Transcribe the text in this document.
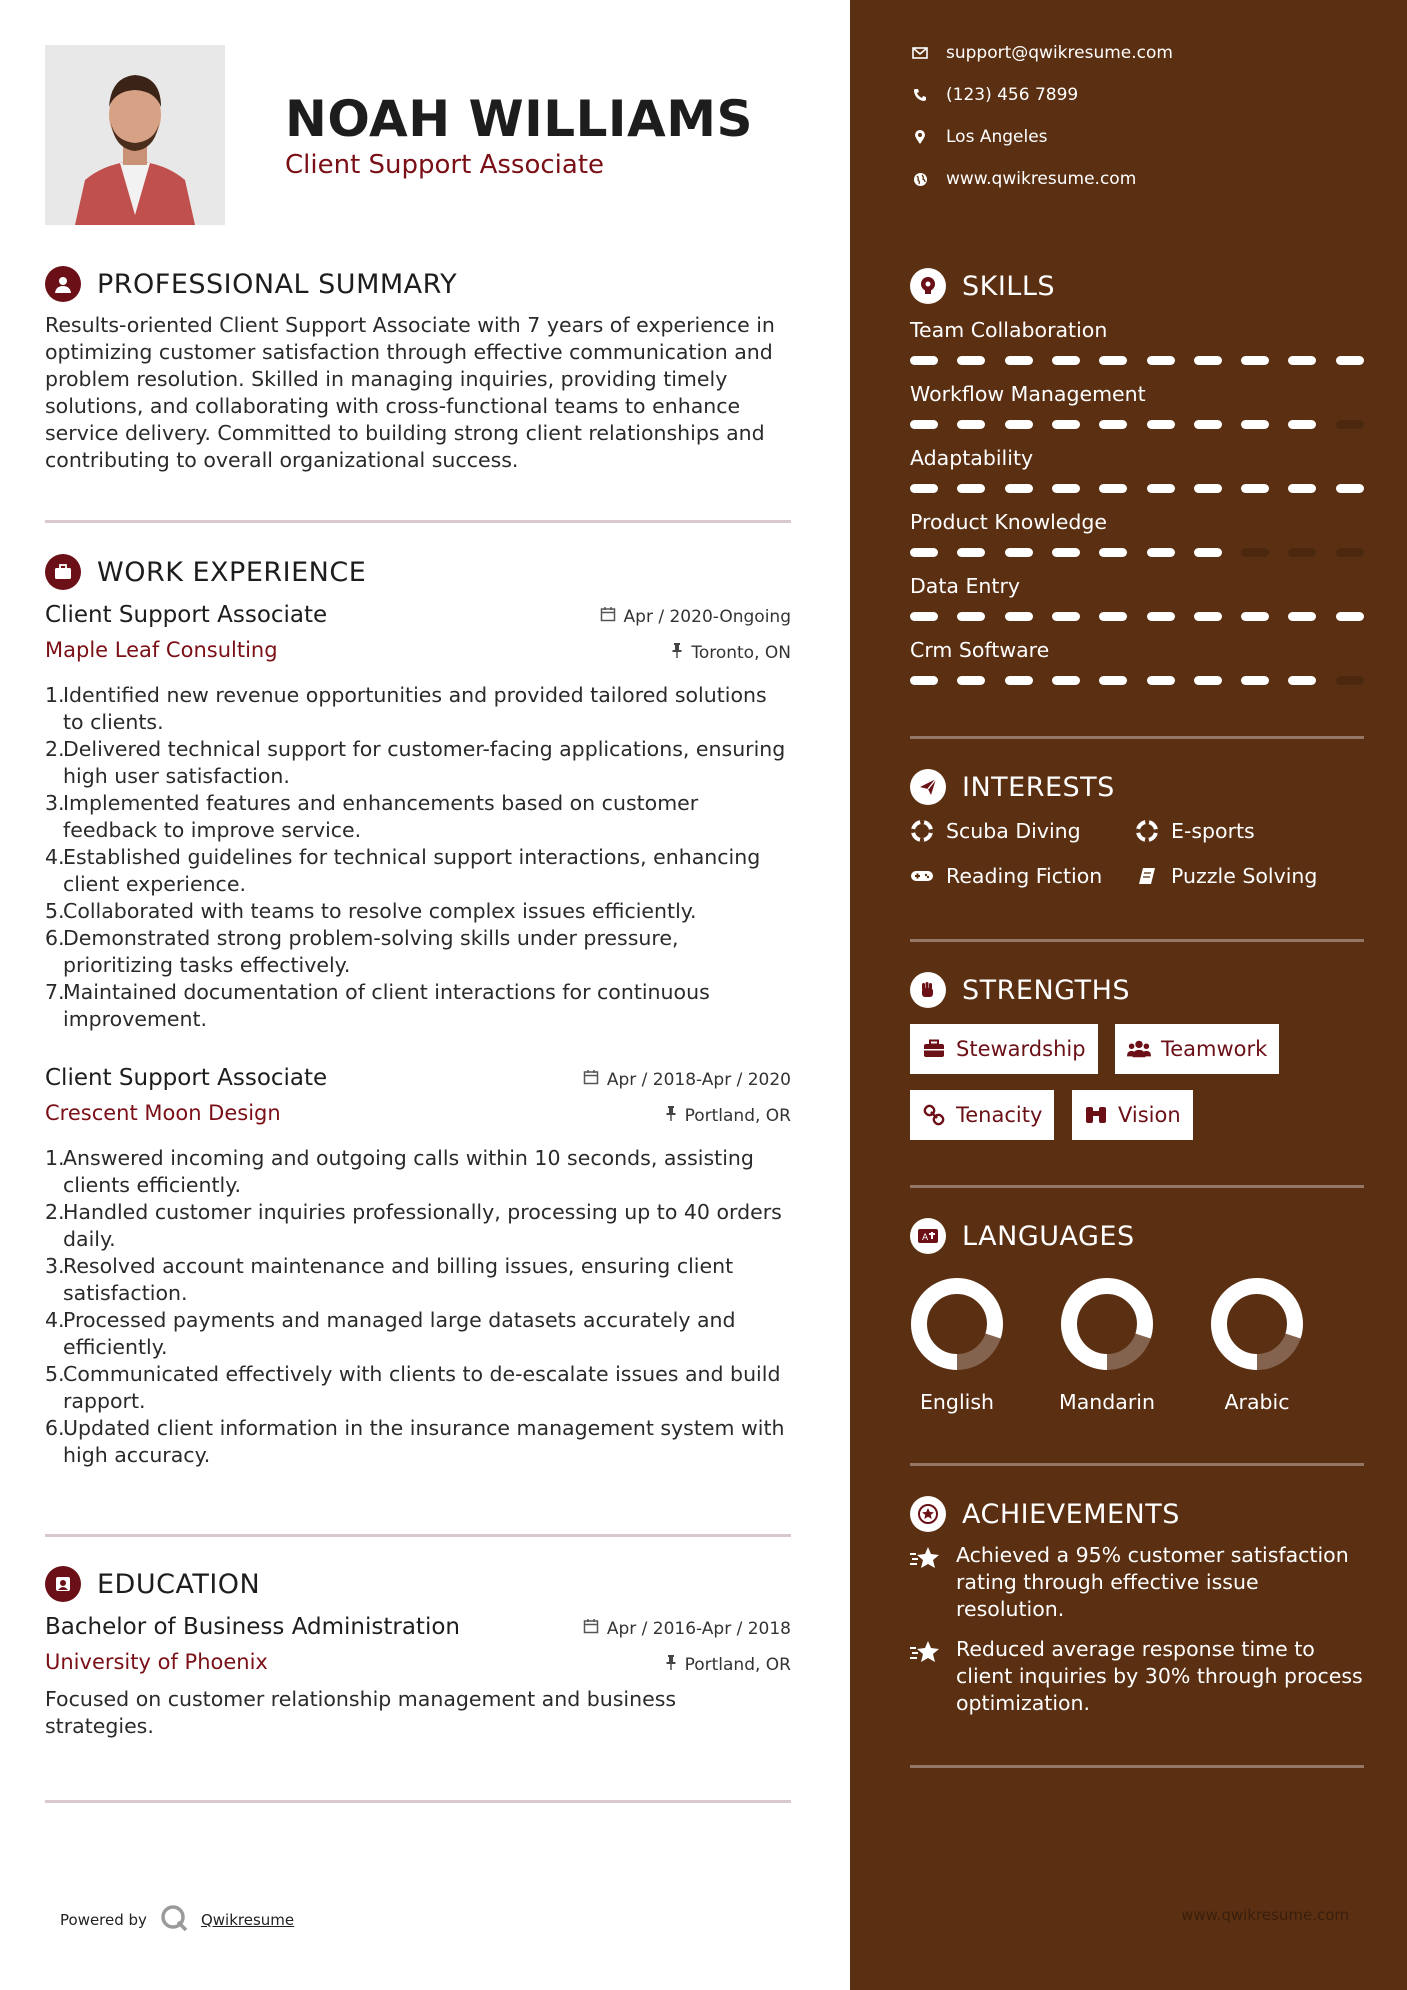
NOAH WILLIAMS
Client Support Associate
PROFESSIONAL SUMMARY

Results-oriented Client Support Associate with 7 years of experience in optimizing customer satisfaction through effective communication and problem resolution. Skilled in managing inquiries, providing timely solutions, and collaborating with cross-functional teams to enhance service delivery. Committed to building strong client relationships and contributing to overall organizational success.

WORK EXPERIENCE
Client Support Associate
Maple Leaf Consulting
Apr / 2020-Ongoing
Toronto, ON
1.
Identified new revenue opportunities and provided tailored solutions to clients.
2.
Delivered technical support for customer-facing applications, ensuring high user satisfaction.
3.
Implemented features and enhancements based on customer feedback to improve service.
4.
Established guidelines for technical support interactions, enhancing client experience.
5.
Collaborated with teams to resolve complex issues efficiently.
6.
Demonstrated strong problem-solving skills under pressure, prioritizing tasks effectively.
7.
Maintained documentation of client interactions for continuous improvement.
Client Support Associate
Crescent Moon Design
Apr / 2018-Apr / 2020
Portland, OR
1.
Answered incoming and outgoing calls within 10 seconds, assisting clients efficiently.
2.
Handled customer inquiries professionally, processing up to 40 orders daily.
3.
Resolved account maintenance and billing issues, ensuring client satisfaction.
4.
Processed payments and managed large datasets accurately and efficiently.
5.
Communicated effectively with clients to de-escalate issues and build rapport.
6.
Updated client information in the insurance management system with high accuracy.
EDUCATION
Bachelor of Business Administration
University of Phoenix
Apr / 2016-Apr / 2018
Portland, OR

Focused on customer relationship management and business strategies.

Powered by	Qwikresume
support@qwikresume.com
(123) 456 7899
Los Angeles
www.qwikresume.com
SKILLS
Team Collaboration
Workflow Management
Adaptability
Product Knowledge
Data Entry
Crm Software
INTERESTS
Scuba Diving	E-sports
Reading Fiction	Puzzle Solving
STRENGTHS
Stewardship	Teamwork
Tenacity	Vision
A LANGUAGES
English	Mandarin	Arabic
ACHIEVEMENTS
Achieved a 95% customer satisfaction rating through effective issue resolution.
Reduced average response time to client inquiries by 30% through process optimization.
www.qwikresume.com
